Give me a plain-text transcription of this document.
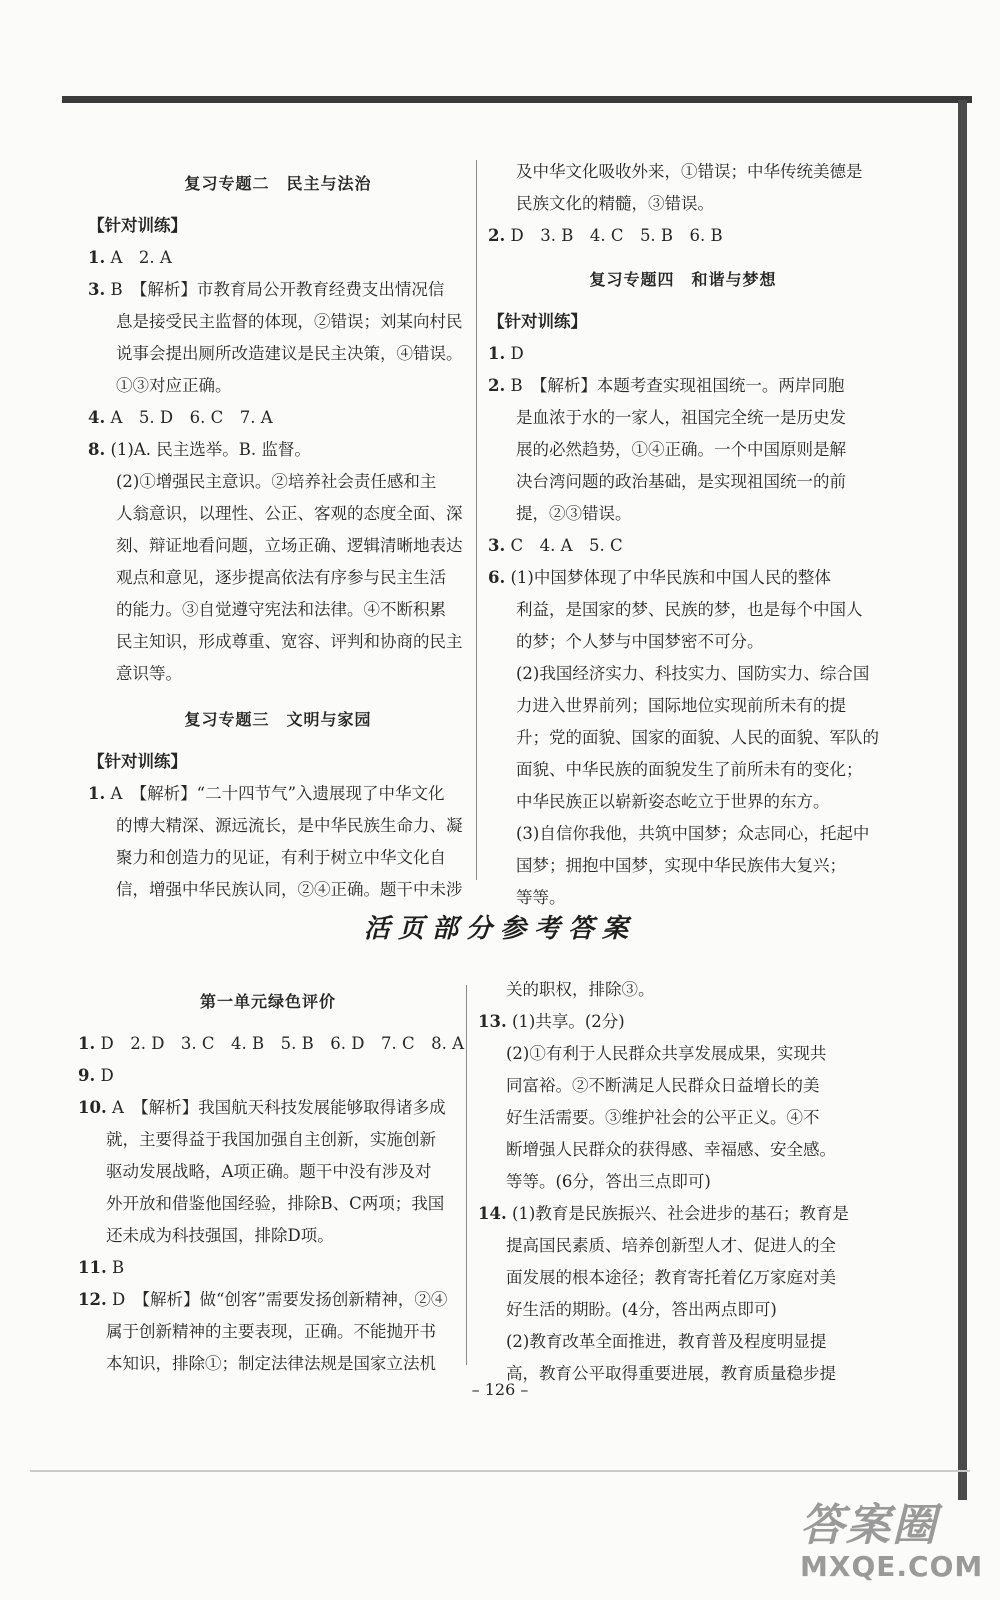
复习专题二　民主与法治
【针对训练】
1. A　2. A
3. B　【解析】市教育局公开教育经费支出情况信
息是接受民主监督的体现，②错误；刘某向村民
说事会提出厕所改造建议是民主决策，④错误。
①③对应正确。
4. A　5. D　6. C　7. A
8. (1)A. 民主选举。B. 监督。
(2)①增强民主意识。②培养社会责任感和主
人翁意识，以理性、公正、客观的态度全面、深
刻、辩证地看问题，立场正确、逻辑清晰地表达
观点和意见，逐步提高依法有序参与民主生活
的能力。③自觉遵守宪法和法律。④不断积累
民主知识，形成尊重、宽容、评判和协商的民主
意识等。
复习专题三　文明与家园
【针对训练】
1. A　【解析】“二十四节气”入遗展现了中华文化
的博大精深、源远流长，是中华民族生命力、凝
聚力和创造力的见证，有利于树立中华文化自
信，增强中华民族认同，②④正确。题干中未涉
及中华文化吸收外来，①错误；中华传统美德是
民族文化的精髓，③错误。
2. D　3. B　4. C　5. B　6. B
复习专题四　和谐与梦想
【针对训练】
1. D
2. B　【解析】本题考查实现祖国统一。两岸同胞
是血浓于水的一家人，祖国完全统一是历史发
展的必然趋势，①④正确。一个中国原则是解
决台湾问题的政治基础，是实现祖国统一的前
提，②③错误。
3. C　4. A　5. C
6. (1)中国梦体现了中华民族和中国人民的整体
利益，是国家的梦、民族的梦，也是每个中国人
的梦；个人梦与中国梦密不可分。
(2)我国经济实力、科技实力、国防实力、综合国
力进入世界前列；国际地位实现前所未有的提
升；党的面貌、国家的面貌、人民的面貌、军队的
面貌、中华民族的面貌发生了前所未有的变化；
中华民族正以崭新姿态屹立于世界的东方。
(3)自信你我他，共筑中国梦；众志同心，托起中
国梦；拥抱中国梦，实现中华民族伟大复兴；
等等。
活页部分参考答案
第一单元绿色评价
1. D　2. D　3. C　4. B　5. B　6. D　7. C　8. A
9. D
10. A　【解析】我国航天科技发展能够取得诸多成
就，主要得益于我国加强自主创新，实施创新
驱动发展战略，A项正确。题干中没有涉及对
外开放和借鉴他国经验，排除B、C两项；我国
还未成为科技强国，排除D项。
11. B
12. D　【解析】做“创客”需要发扬创新精神，②④
属于创新精神的主要表现，正确。不能抛开书
本知识，排除①；制定法律法规是国家立法机
关的职权，排除③。
13. (1)共享。(2分)
(2)①有利于人民群众共享发展成果，实现共
同富裕。②不断满足人民群众日益增长的美
好生活需要。③维护社会的公平正义。④不
断增强人民群众的获得感、幸福感、安全感。
等等。(6分，答出三点即可)
14. (1)教育是民族振兴、社会进步的基石；教育是
提高国民素质、培养创新型人才、促进人的全
面发展的根本途径；教育寄托着亿万家庭对美
好生活的期盼。(4分，答出两点即可)
(2)教育改革全面推进，教育普及程度明显提
高，教育公平取得重要进展，教育质量稳步提
– 126 –
答案圈
MXQE.COM
